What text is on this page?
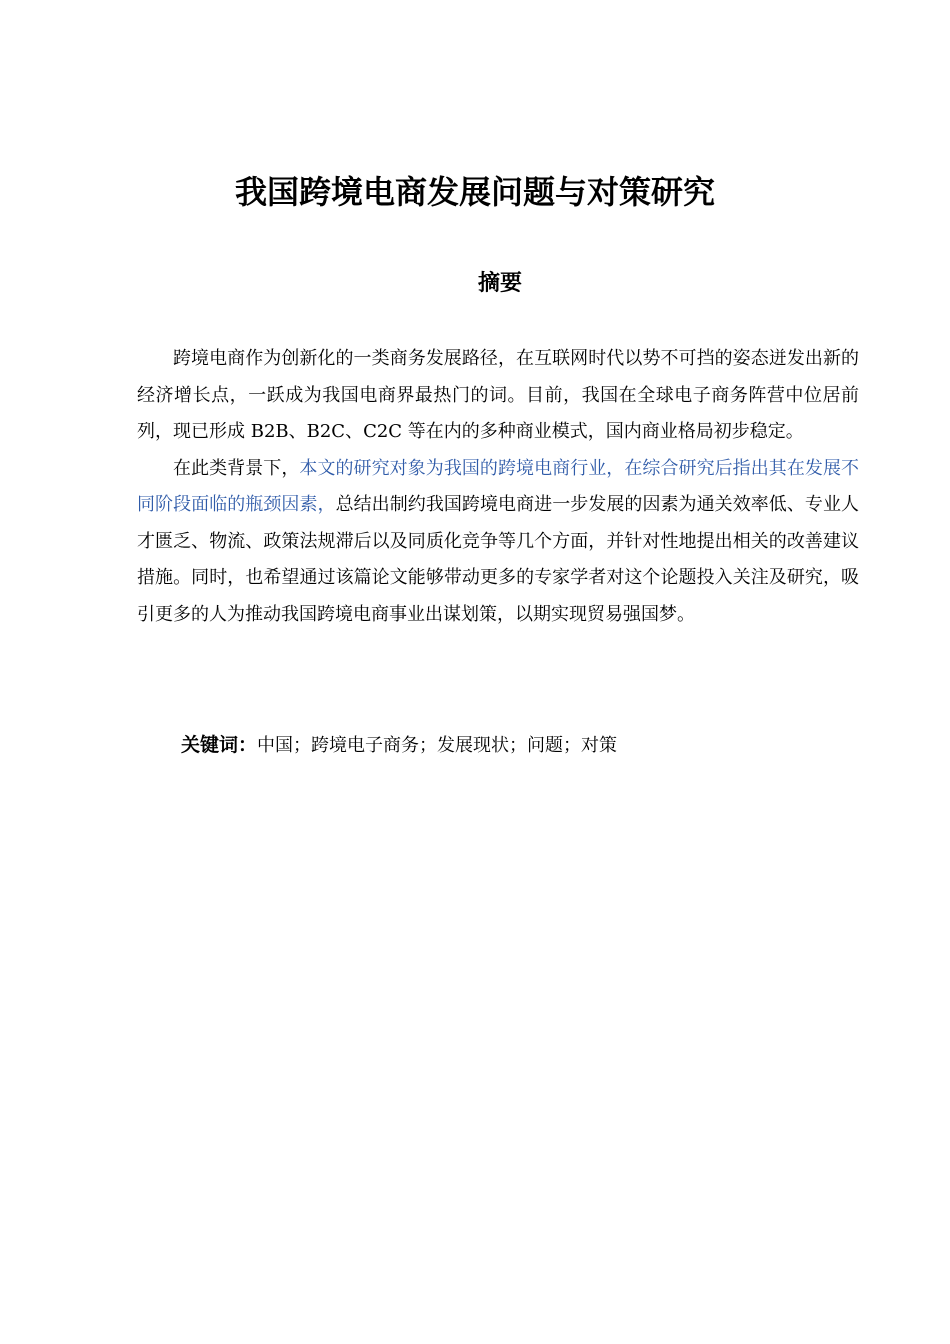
我国跨境电商发展问题与对策研究
摘要

跨境电商作为创新化的一类商务发展路径，在互联网时代以势不可挡的姿态迸发出新的经济增长点，一跃成为我国电商界最热门的词。目前，我国在全球电子商务阵营中位居前列，现已形成 B2B、B2C、C2C 等在内的多种商业模式，国内商业格局初步稳定。

在此类背景下，本文的研究对象为我国的跨境电商行业，在综合研究后指出其在发展不同阶段面临的瓶颈因素，总结出制约我国跨境电商进一步发展的因素为通关效率低、专业人才匮乏、物流、政策法规滞后以及同质化竞争等几个方面，并针对性地提出相关的改善建议措施。同时，也希望通过该篇论文能够带动更多的专家学者对这个论题投入关注及研究，吸引更多的人为推动我国跨境电商事业出谋划策，以期实现贸易强国梦。

关键词：中国；跨境电子商务；发展现状；问题；对策
